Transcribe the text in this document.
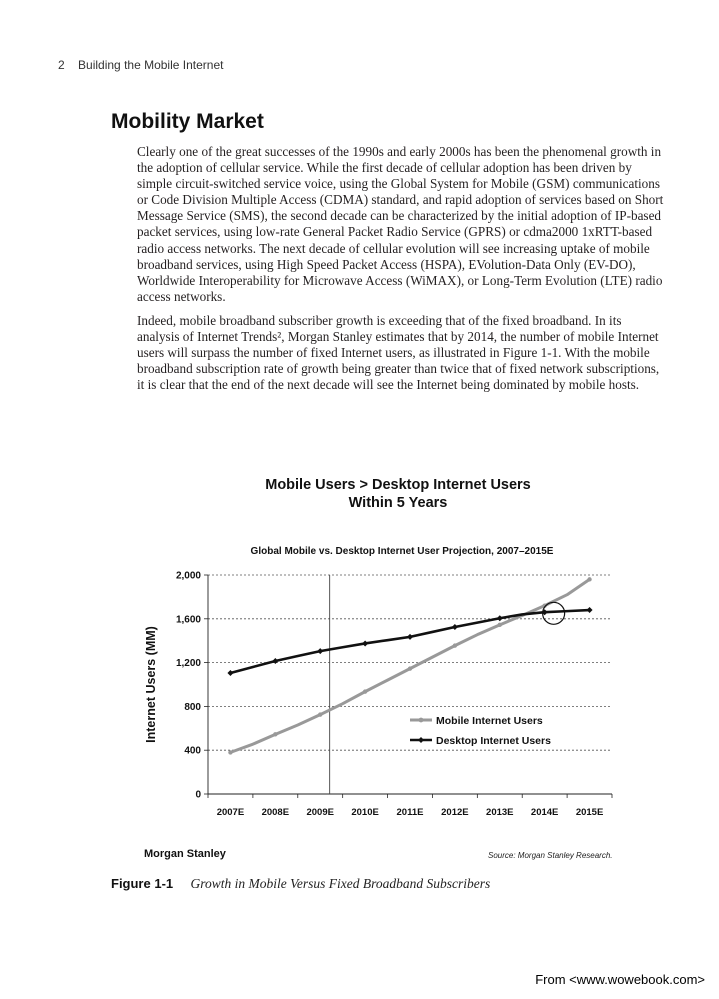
2 Building the Mobile Internet
Mobility Market

Clearly one of the great successes of the 1990s and early 2000s has been the phenomenal growth in the adoption of cellular service. While the first decade of cellular adoption has been driven by simple circuit-switched service voice, using the Global System for Mobile (GSM) communications or Code Division Multiple Access (CDMA) standard, and rapid adoption of services based on Short Message Service (SMS), the second decade can be characterized by the initial adoption of IP-based packet services, using low-rate General Packet Radio Service (GPRS) or cdma2000 1xRTT-based radio access networks. The next decade of cellular evolution will see increasing uptake of mobile broadband services, using High Speed Packet Access (HSPA), EVolution-Data Only (EV-DO), Worldwide Interoperability for Microwave Access (WiMAX), or Long-Term Evolution (LTE) radio access networks.

Indeed, mobile broadband subscriber growth is exceeding that of the fixed broadband. In its analysis of Internet Trends², Morgan Stanley estimates that by 2014, the number of mobile Internet users will surpass the number of fixed Internet users, as illustrated in Figure 1-1. With the mobile broadband subscription rate of growth being greater than twice that of fixed network subscriptions, it is clear that the end of the next decade will see the Internet being dominated by mobile hosts.

Mobile Users > Desktop Internet Users
Within 5 Years
Global Mobile vs. Desktop Internet User Projection, 2007–2015E
0
400
800
1,200
1,600
2,000
2007E 2008E 2009E 2010E 2011E 2012E 2013E 2014E 2015E
Internet Users (MM)	Mobile Internet Users
Desktop Internet Users
Morgan Stanley	Source: Morgan Stanley Research.
Figure 1-1 Growth in Mobile Versus Fixed Broadband Subscribers
From <www.wowebook.com>
